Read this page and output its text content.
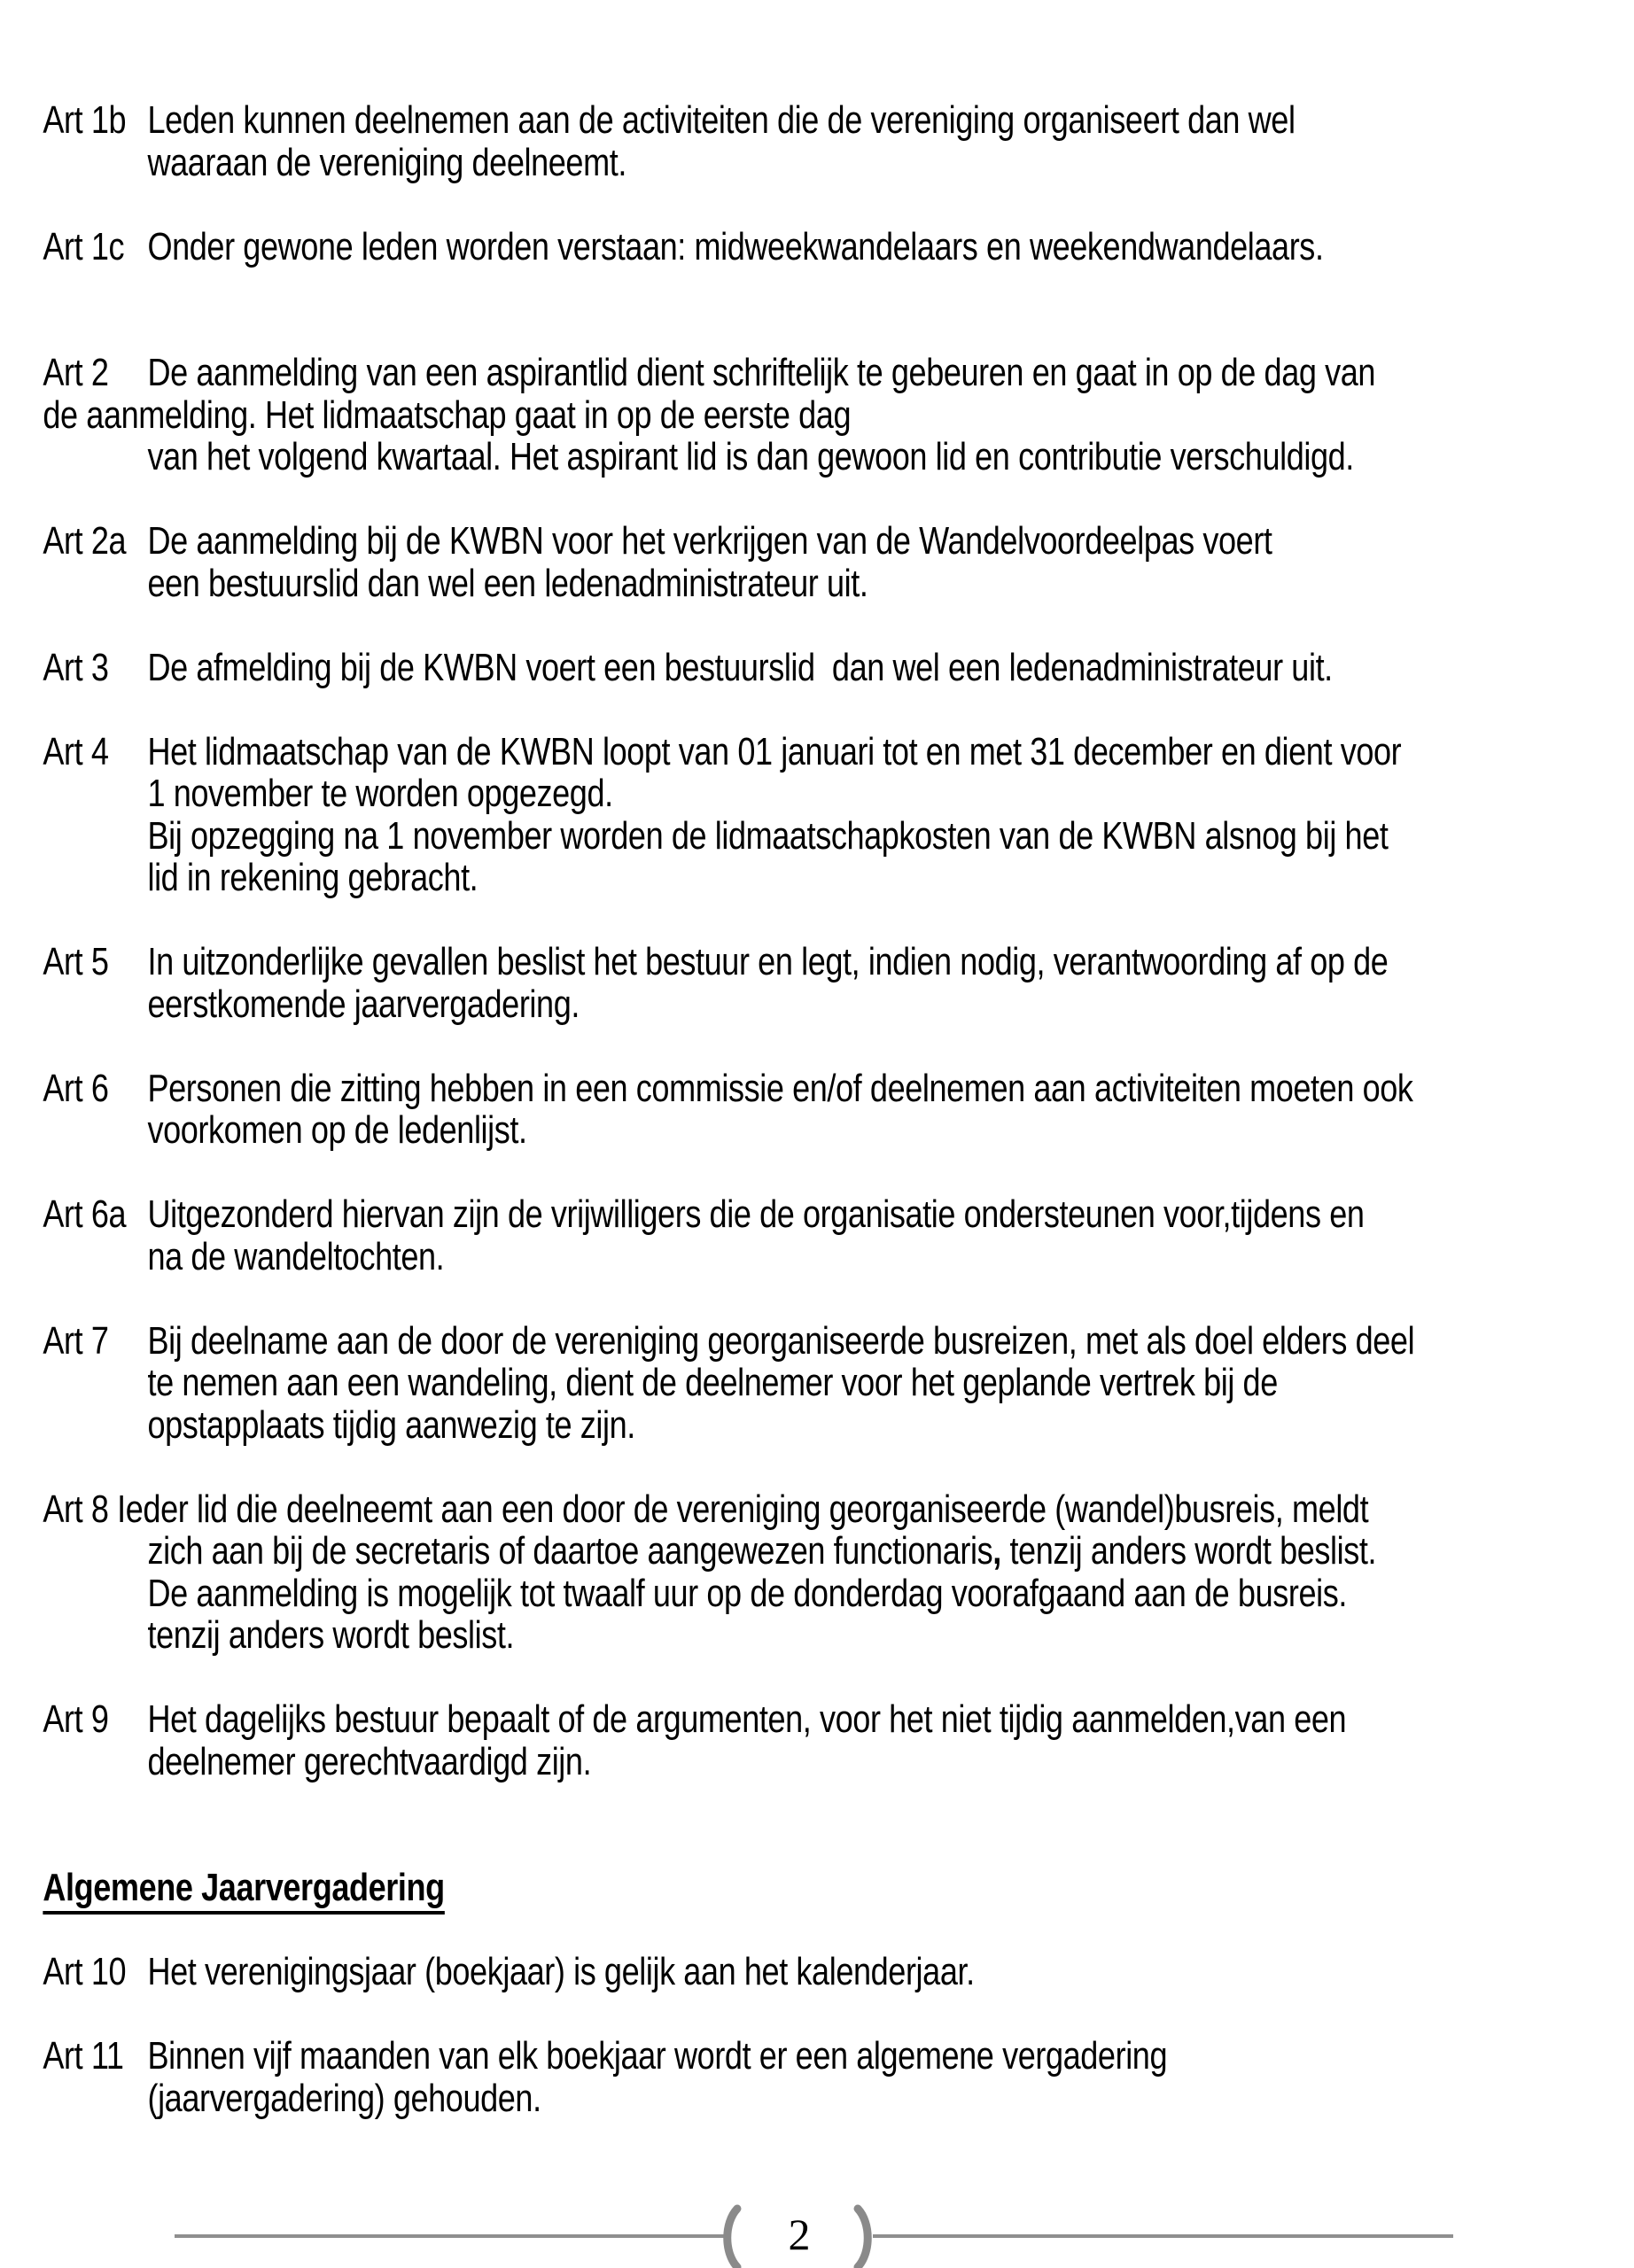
Art 1b Leden kunnen deelnemen aan de activiteiten die de vereniging organiseert dan wel
waaraan de vereniging deelneemt.
Art 1c Onder gewone leden worden verstaan: midweekwandelaars en weekendwandelaars.
Art 2 De aanmelding van een aspirantlid dient schriftelijk te gebeuren en gaat in op de dag van
de aanmelding. Het lidmaatschap gaat in op de eerste dag
van het volgend kwartaal. Het aspirant lid is dan gewoon lid en contributie verschuldigd.
Art 2a De aanmelding bij de KWBN voor het verkrijgen van de Wandelvoordeelpas voert
een bestuurslid dan wel een ledenadministrateur uit.
Art 3 De afmelding bij de KWBN voert een bestuurslid  dan wel een ledenadministrateur uit.
Art 4 Het lidmaatschap van de KWBN loopt van 01 januari tot en met 31 december en dient voor
1 november te worden opgezegd.
Bij opzegging na 1 november worden de lidmaatschapkosten van de KWBN alsnog bij het
lid in rekening gebracht.
Art 5 In uitzonderlijke gevallen beslist het bestuur en legt, indien nodig, verantwoording af op de
eerstkomende jaarvergadering.
Art 6 Personen die zitting hebben in een commissie en/of deelnemen aan activiteiten moeten ook
voorkomen op de ledenlijst.
Art 6a Uitgezonderd hiervan zijn de vrijwilligers die de organisatie ondersteunen voor,tijdens en
na de wandeltochten.
Art 7 Bij deelname aan de door de vereniging georganiseerde busreizen, met als doel elders deel
te nemen aan een wandeling, dient de deelnemer voor het geplande vertrek bij de
opstapplaats tijdig aanwezig te zijn.
Art 8 Ieder lid die deelneemt aan een door de vereniging georganiseerde (wandel)busreis, meldt
zich aan bij de secretaris of daartoe aangewezen functionaris, tenzij anders wordt beslist.
De aanmelding is mogelijk tot twaalf uur op de donderdag voorafgaand aan de busreis.
tenzij anders wordt beslist.
Art 9 Het dagelijks bestuur bepaalt of de argumenten, voor het niet tijdig aanmelden,van een
deelnemer gerechtvaardigd zijn.
Algemene Jaarvergadering
Art 10 Het verenigingsjaar (boekjaar) is gelijk aan het kalenderjaar.
Art 11 Binnen vijf maanden van elk boekjaar wordt er een algemene vergadering
(jaarvergadering) gehouden.
2
